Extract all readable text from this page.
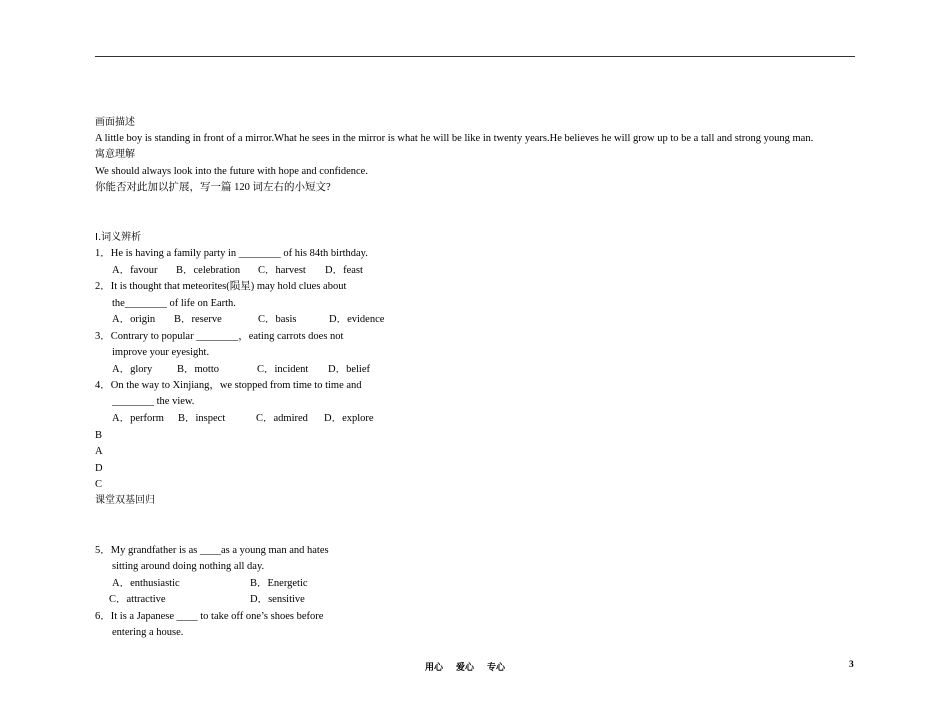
画面描述
A little boy is standing in front of a mirror.What he sees in the mirror is what he will be like in twenty years.He believes he will grow up to be a tall and strong young man.
寓意理解
We should always look into the future with hope and confidence.
你能否对此加以扩展，写一篇 120 词左右的小短文?
Ⅰ.词义辨析
1．He is having a family party in ________ of his 84th birthday.
A．favour B．celebration C．harvest D．feast
2．It is thought that meteorites(陨星) may hold clues about
the________ of life on Earth.
A．origin B．reserve	C．basis	D．evidence
3．Contrary to popular ________，eating carrots does not
improve your eyesight.
A．glory B．motto	C．incident D．belief
4．On the way to Xinjiang，we stopped from time to time and
________ the view.
A．perform B．inspect	C．admired D．explore
B
A
D
C
课堂双基回归
5．My grandfather is as ____as a young man and hates
sitting around doing nothing all day.
A．enthusiastic	B．Energetic
C．attractive	D．sensitive
6．It is a Japanese ____ to take off one’s shoes before
entering a house.
用心 爱心 专心	3
